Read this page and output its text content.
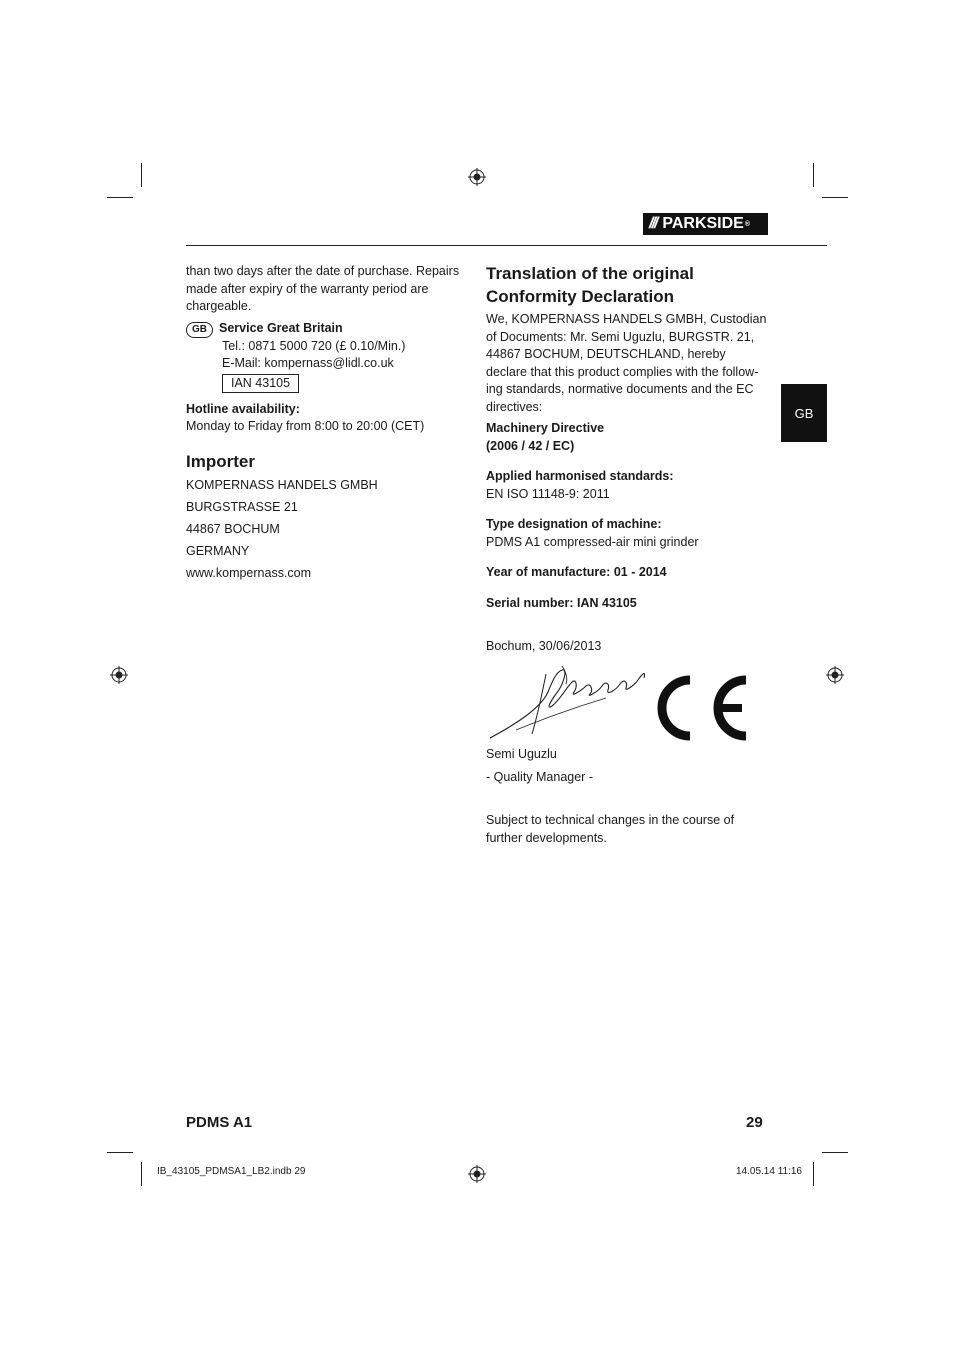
/// PARKSIDE ®
GB
than two days after the date of purchase. Repairs
made after expiry of the warranty period are
chargeable.
GB Service Great Britain
Tel.: 0871 5000 720 (£ 0.10/Min.)
E-Mail: kompernass@lidl.co.uk
IAN 43105
Hotline availability:
Monday to Friday from 8:00 to 20:00 (CET)
Importer
KOMPERNASS HANDELS GMBH
BURGSTRASSE 21
44867 BOCHUM
GERMANY
www.kompernass.com
Translation of the original
Conformity Declaration
We, KOMPERNASS HANDELS GMBH, Custodian
of Documents: Mr. Semi Uguzlu, BURGSTR. 21,
44867 BOCHUM, DEUTSCHLAND, hereby
declare that this product complies with the follow-
ing standards, normative documents and the EC
directives:
Machinery Directive
(2006 / 42 / EC)
Applied harmonised standards:
EN ISO 11148-9: 2011
Type designation of machine:
PDMS A1 compressed-air mini grinder
Year of manufacture: 01 - 2014
Serial number: IAN 43105
Bochum, 30/06/2013
Semi Uguzlu
- Quality Manager -
Subject to technical changes in the course of
further developments.
PDMS A1	29
IB_43105_PDMSA1_LB2.indb 29	14.05.14 11:16
